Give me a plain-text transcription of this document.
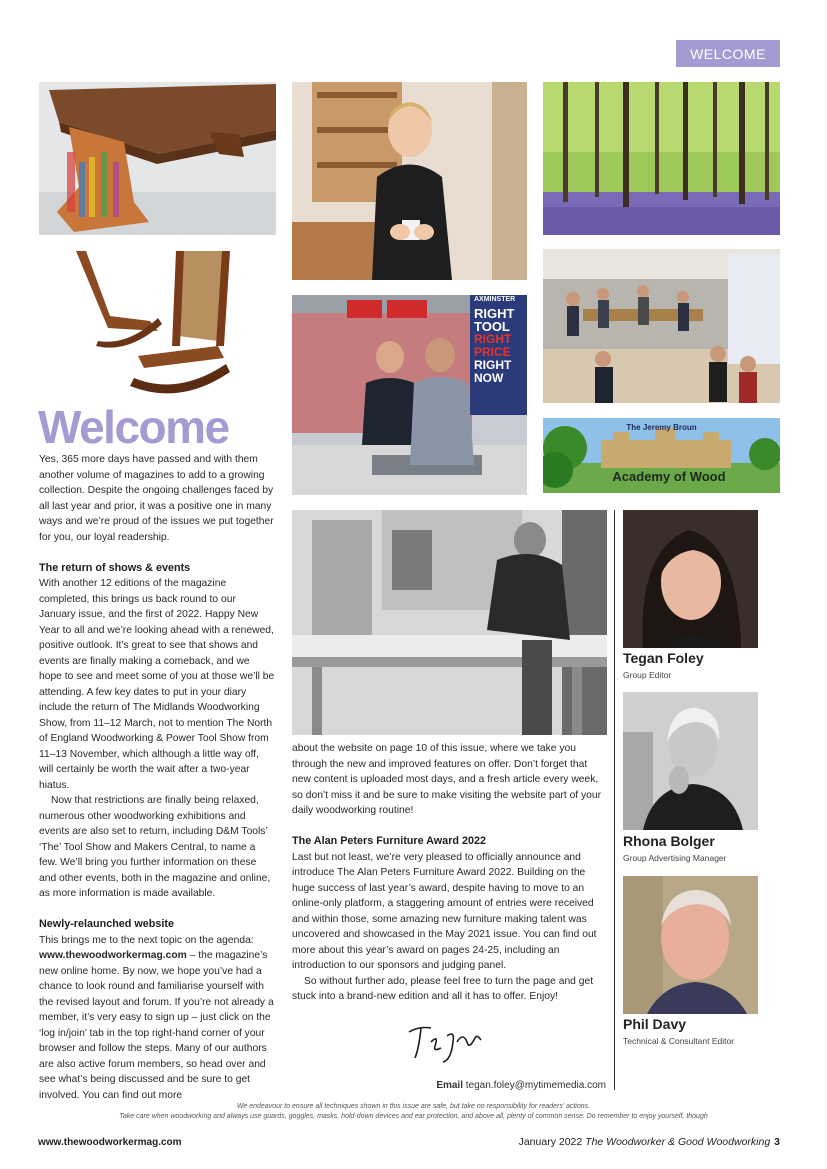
WELCOME
AXMINSTER
RIGHT
TOOL
RIGHT
PRICE
RIGHT
NOW
The Jeremy Broun
Academy of Wood
Tegan Foley
Group Editor
Rhona Bolger
Group Advertising Manager
Phil Davy
Technical & Consultant Editor
Welcome

Yes, 365 more days have passed and with them another volume of magazines to add to a growing collection. Despite the ongoing challenges faced by all last year and prior, it was a positive one in many ways and we’re proud of the issues we put together for you, our loyal readership.

The return of shows & events

With another 12 editions of the magazine completed, this brings us back round to our January issue, and the first of 2022. Happy New Year to all and we’re looking ahead with a renewed, positive outlook. It’s great to see that shows and events are finally making a comeback, and we hope to see and meet some of you at those we’ll be attending. A few key dates to put in your diary include the return of The Midlands Woodworking Show, from 11–12 March, not to mention The North of England Woodworking & Power Tool Show from 11–13 November, which although a little way off, will certainly be worth the wait after a two-year hiatus.

Now that restrictions are finally being relaxed, numerous other woodworking exhibitions and events are also set to return, including D&M Tools’ ‘The’ Tool Show and Makers Central, to name a few. We’ll bring you further information on these and other events, both in the magazine and online, as more information is made available.

Newly-relaunched website

This brings me to the next topic on the agenda: www.thewoodworkermag.com – the magazine’s new online home. By now, we hope you’ve had a chance to look round and familiarise yourself with the revised layout and forum. If you’re not already a member, it’s very easy to sign up – just click on the ‘log in/join’ tab in the top right-hand corner of your browser and follow the steps. Many of our authors are also active forum members, so head over and see what’s being discussed and be sure to get involved. You can find out more

about the website on page 10 of this issue, where we take you through the new and improved features on offer. Don’t forget that new content is uploaded most days, and a fresh article every week, so don’t miss it and be sure to make visiting the website part of your daily woodworking routine!

The Alan Peters Furniture Award 2022

Last but not least, we’re very pleased to officially announce and introduce The Alan Peters Furniture Award 2022. Building on the huge success of last year’s award, despite having to move to an online-only platform, a staggering amount of entries were received and within those, some amazing new furniture making talent was uncovered and showcased in the May 2021 issue. You can find out more about this year’s award on pages 24-25, including an introduction to our sponsors and judging panel.

So without further ado, please feel free to turn the page and get stuck into a brand-new edition and all it has to offer. Enjoy!

Email tegan.foley@mytimemedia.com
We endeavour to ensure all techniques shown in this issue are safe, but take no responsibility for readers’ actions.
Take care when woodworking and always use guards, goggles, masks, hold-down devices and ear protection, and above all, plenty of common sense. Do remember to enjoy yourself, though
www.thewoodworkermag.com	January 2022 The Woodworker & Good Woodworking 3
